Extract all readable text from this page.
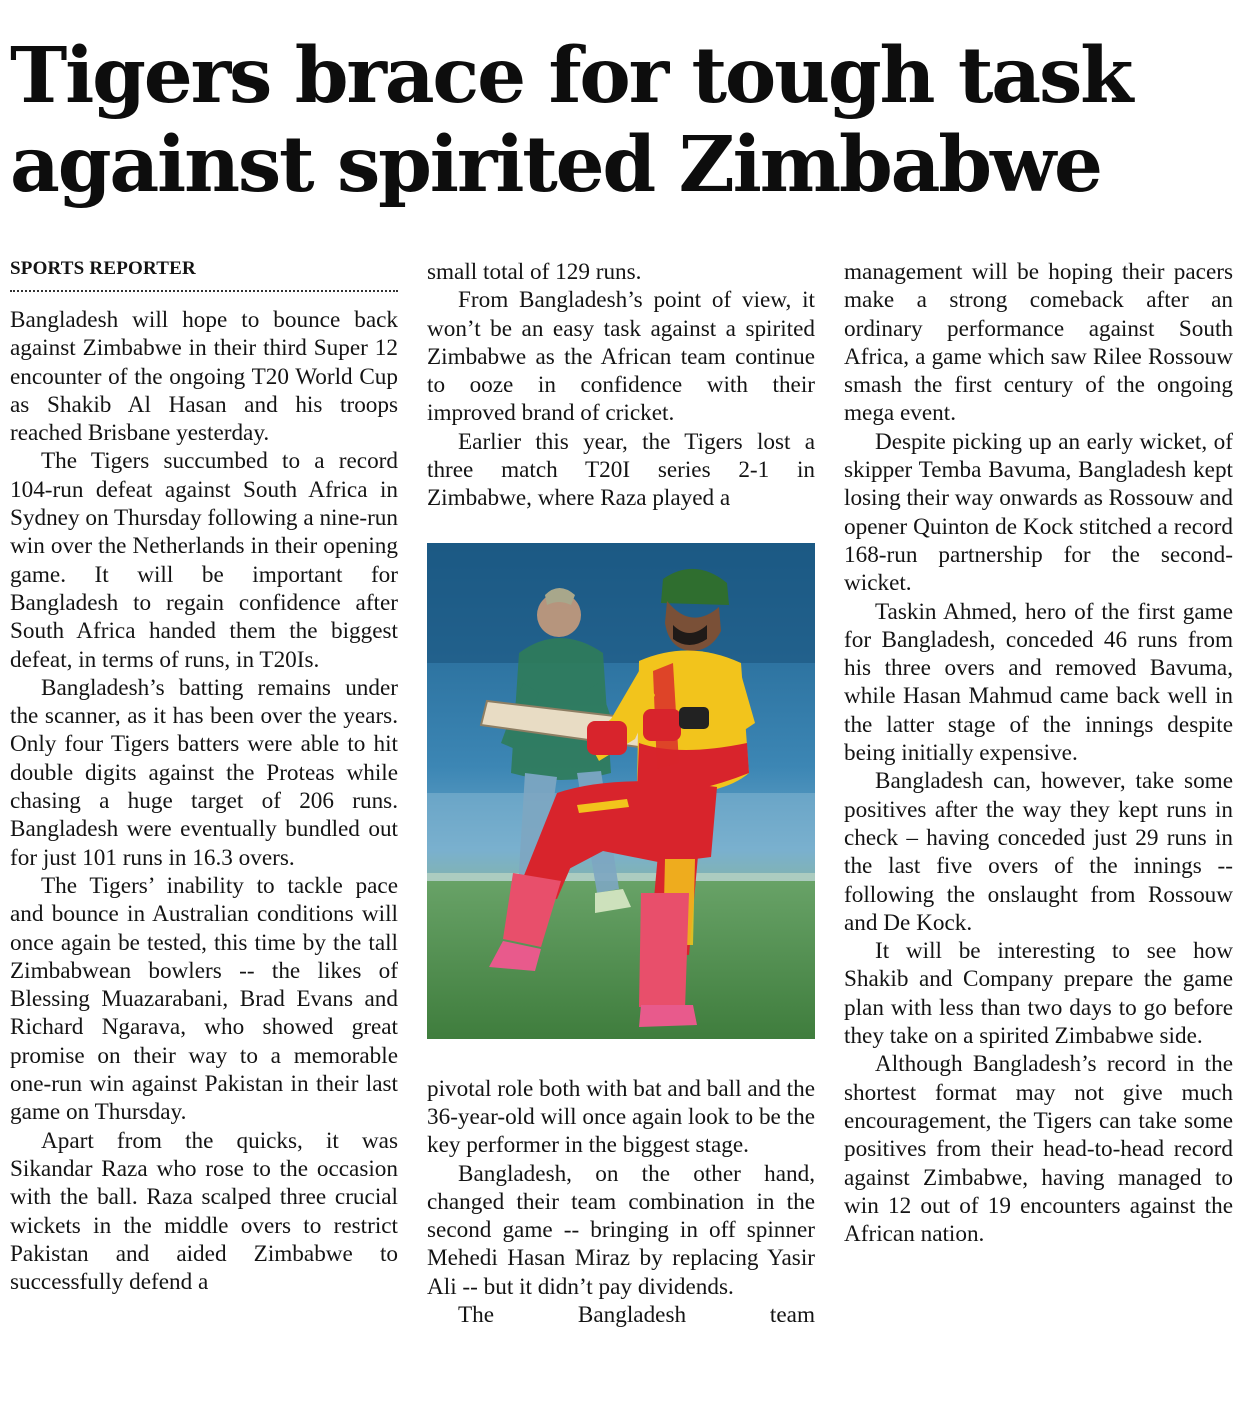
Tigers brace for tough task
against spirited Zimbabwe

SPORTS REPORTER

Bangladesh will hope to bounce back against Zimbabwe in their third Super 12 encounter of the ongoing T20 World Cup as Shakib Al Hasan and his troops reached Brisbane yesterday.

The Tigers succumbed to a record 104-run defeat against South Africa in Sydney on Thursday following a nine-run win over the Netherlands in their opening game. It will be important for Bangladesh to regain confidence after South Africa handed them the biggest defeat, in terms of runs, in T20Is.

Bangladesh’s batting remains under the scanner, as it has been over the years. Only four Tigers batters were able to hit double digits against the Proteas while chasing a huge target of 206 runs. Bangladesh were eventually bundled out for just 101 runs in 16.3 overs.

The Tigers’ inability to tackle pace and bounce in Australian conditions will once again be tested, this time by the tall Zimbabwean bowlers -- the likes of Blessing Muazarabani, Brad Evans and Richard Ngarava, who showed great promise on their way to a memorable one-run win against Pakistan in their last game on Thursday.

Apart from the quicks, it was Sikandar Raza who rose to the occasion with the ball. Raza scalped three crucial wickets in the middle overs to restrict Pakistan and aided Zimbabwe to successfully defend a

small total of 129 runs.

From Bangladesh’s point of view, it won’t be an easy task against a spirited Zimbabwe as the African team continue to ooze in confidence with their improved brand of cricket.

Earlier this year, the Tigers lost a three match T20I series 2-1 in Zimbabwe, where Raza played a

pivotal role both with bat and ball and the 36-year-old will once again look to be the key performer in the biggest stage.

Bangladesh, on the other hand, changed their team combination in the second game -- bringing in off spinner Mehedi Hasan Miraz by replacing Yasir Ali -- but it didn’t pay dividends.

The Bangladesh team

management will be hoping their pacers make a strong comeback after an ordinary performance against South Africa, a game which saw Rilee Rossouw smash the first century of the ongoing mega event.

Despite picking up an early wicket, of skipper Temba Bavuma, Bangladesh kept losing their way onwards as Rossouw and opener Quinton de Kock stitched a record 168-run partnership for the second-wicket.

Taskin Ahmed, hero of the first game for Bangladesh, conceded 46 runs from his three overs and removed Bavuma, while Hasan Mahmud came back well in the latter stage of the innings despite being initially expensive.

Bangladesh can, however, take some positives after the way they kept runs in check – having conceded just 29 runs in the last five overs of the innings -- following the onslaught from Rossouw and De Kock.

It will be interesting to see how Shakib and Company prepare the game plan with less than two days to go before they take on a spirited Zimbabwe side.

Although Bangladesh’s record in the shortest format may not give much encouragement, the Tigers can take some positives from their head-to-head record against Zimbabwe, having managed to win 12 out of 19 encounters against the African nation.
